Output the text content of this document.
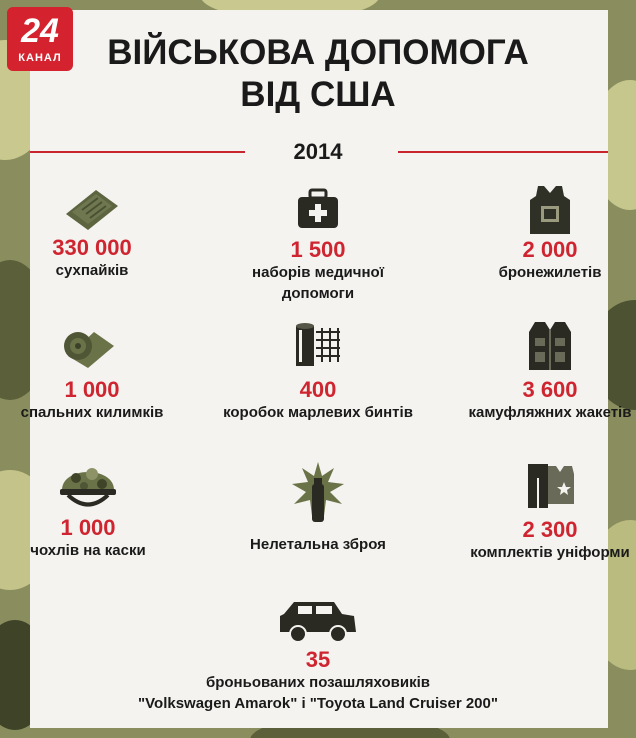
24
КАНАЛ	ВІЙСЬКОВА ДОПОМОГА
ВІД США
2014
330 000
сухпайків
1 500
наборів медичної допомоги
2 000
бронежилетів
1 000
спальних килимків
400
коробок марлевих бинтів
3 600
камуфляжних жакетів
1 000
чохлів на каски	Нелетальна зброя
2 300
комплектів уніформи
35
броньованих позашляховиків
"Volkswagen Amarok" і "Toyota Land Cruiser 200"
